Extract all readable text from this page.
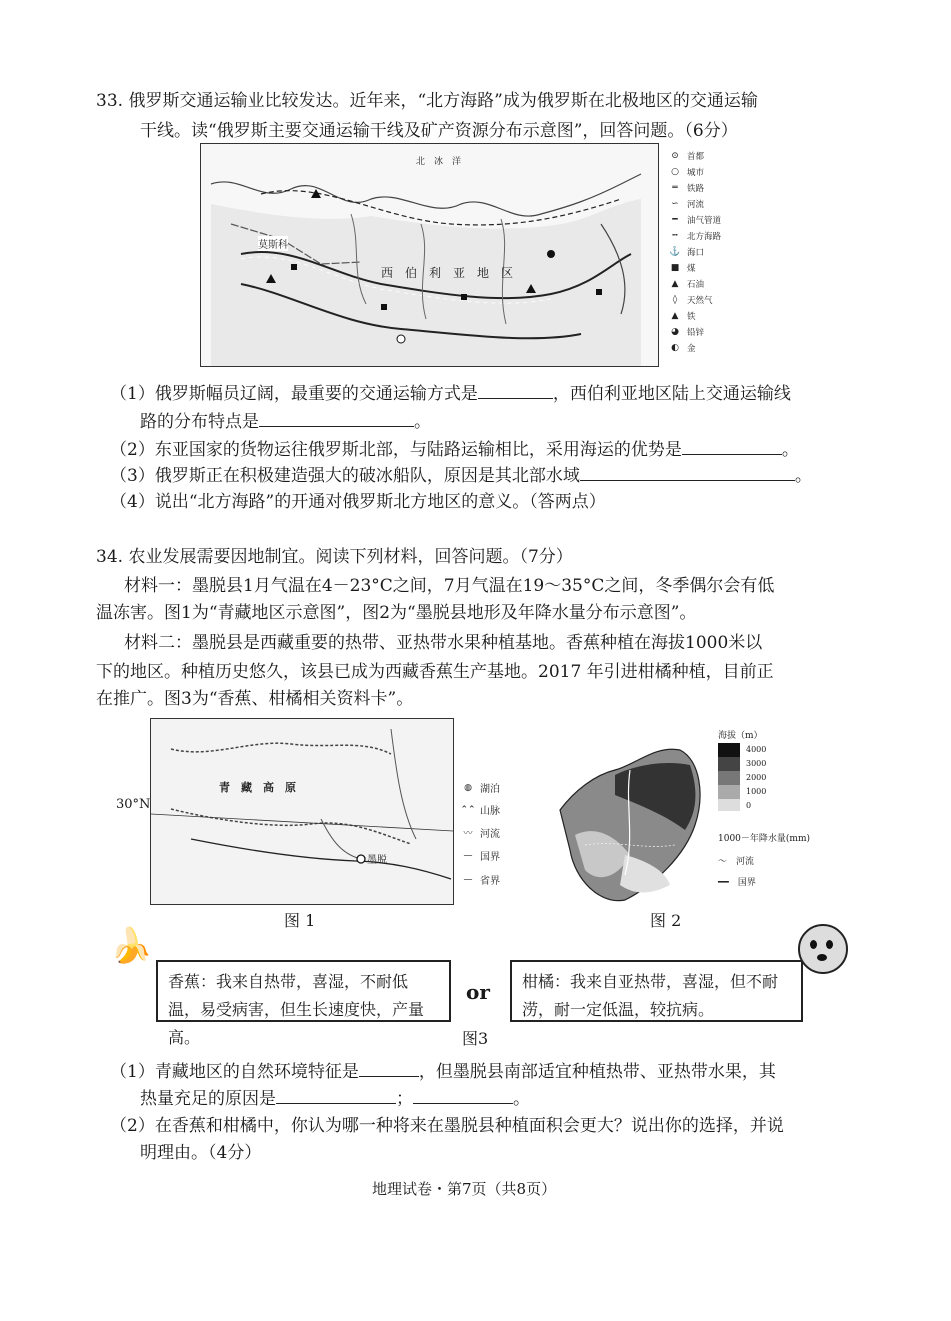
33. 俄罗斯交通运输业比较发达。近年来，“北方海路”成为俄罗斯在北极地区的交通运输
干线。读“俄罗斯主要交通运输干线及矿产资源分布示意图”，回答问题。（6分）
北　冰　洋
莫斯科
西　伯　利　亚　地　区
⊙ 首都
○ 城市
═	铁路
∽ 河流
━	油气管道
┅	北方海路
⚓ 海口
■ 煤
▲	石油
◊	天然气
▲	铁
◕ 铅锌
◐ 金
（1）俄罗斯幅员辽阔，最重要的交通运输方式是	，西伯利亚地区陆上交通运输线
路的分布特点是	。
（2）东亚国家的货物运往俄罗斯北部，与陆路运输相比，采用海运的优势是	。
（3）俄罗斯正在积极建造强大的破冰船队，原因是其北部水域	。
（4）说出“北方海路”的开通对俄罗斯北方地区的意义。（答两点）
34. 农业发展需要因地制宜。阅读下列材料，回答问题。（7分）
材料一：墨脱县1月气温在4－23°C之间，7月气温在19～35°C之间，冬季偶尔会有低
温冻害。图1为“青藏地区示意图”，图2为“墨脱县地形及年降水量分布示意图”。
材料二：墨脱县是西藏重要的热带、亚热带水果种植基地。香蕉种植在海拔1000米以
下的地区。种植历史悠久，该县已成为西藏香蕉生产基地。2017 年引进柑橘种植，目前正
在推广。图3为“香蕉、柑橘相关资料卡”。
30°N
青　藏　高　原
墨脱
◍ 湖泊
⌃⌃ 山脉
〰 河流
— 国界
— 省界
图 1
海拔（m）
4000
3000
2000
1000
0
1000－年降水量(mm)
〜　河流
━━　国界
图 2
🍌
香蕉：我来自热带，喜湿，不耐低温，易受病害，但生长速度快，产量高。
or	柑橘：我来自亚热带，喜湿，但不耐涝，耐一定低温，较抗病。
图3
（1）青藏地区的自然环境特征是	，但墨脱县南部适宜种植热带、亚热带水果，其
热量充足的原因是	；	。
（2）在香蕉和柑橘中，你认为哪一种将来在墨脱县种植面积会更大？说出你的选择，并说
明理由。（4分）
地理试卷・第7页（共8页）
